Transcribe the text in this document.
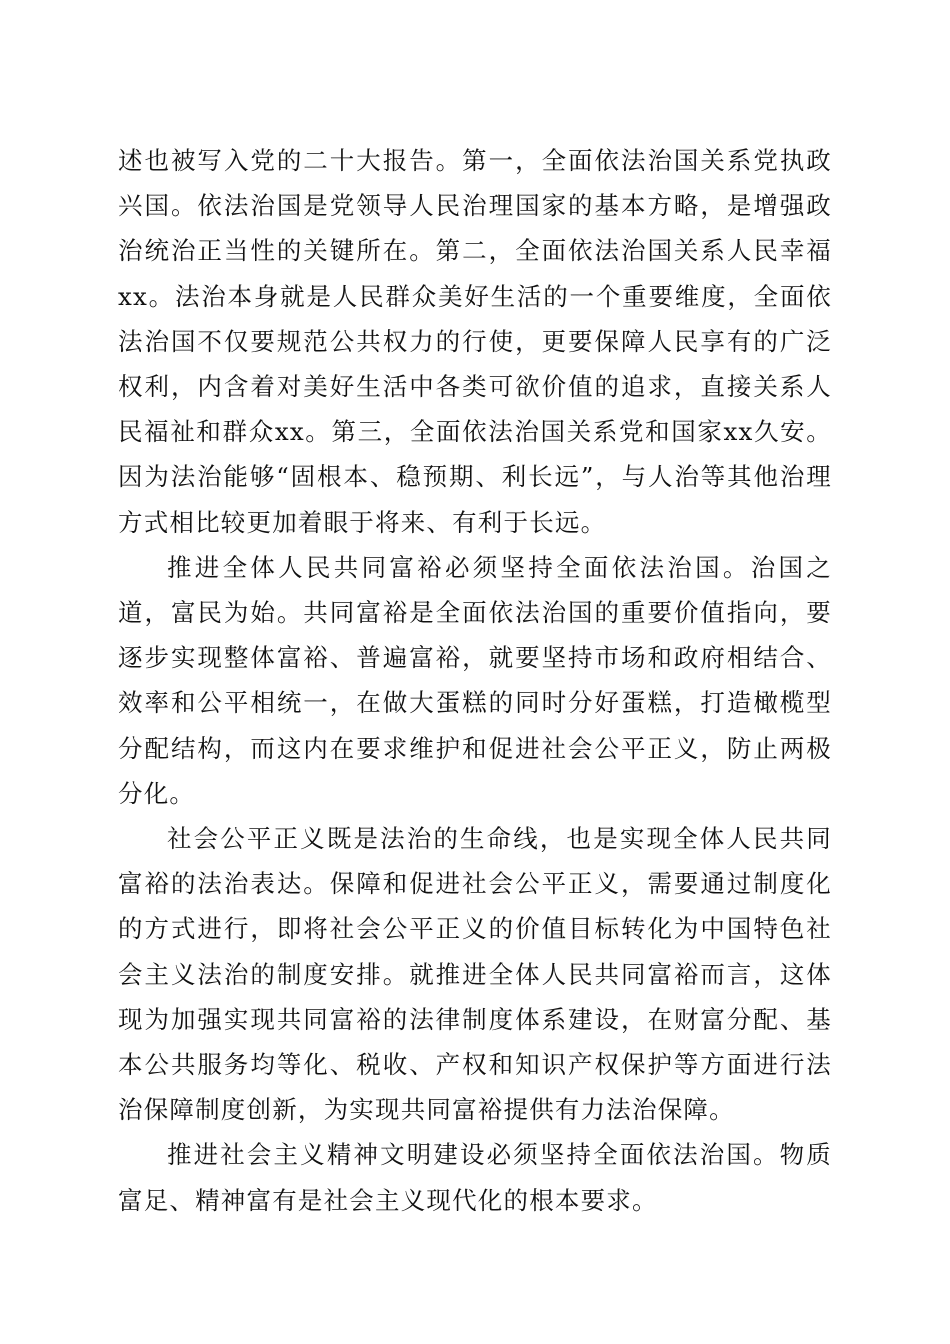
述也被写入党的二十大报告。第一，全面依法治国关系党执政兴国。依法治国是党领导人民治理国家的基本方略，是增强政治统治正当性的关键所在。第二，全面依法治国关系人民幸福xx。法治本身就是人民群众美好生活的一个重要维度，全面依法治国不仅要规范公共权力的行使，更要保障人民享有的广泛权利，内含着对美好生活中各类可欲价值的追求，直接关系人民福祉和群众xx。第三，全面依法治国关系党和国家xx久安。因为法治能够“固根本、稳预期、利长远”，与人治等其他治理方式相比较更加着眼于将来、有利于长远。

推进全体人民共同富裕必须坚持全面依法治国。治国之道，富民为始。共同富裕是全面依法治国的重要价值指向，要逐步实现整体富裕、普遍富裕，就要坚持市场和政府相结合、效率和公平相统一，在做大蛋糕的同时分好蛋糕，打造橄榄型分配结构，而这内在要求维护和促进社会公平正义，防止两极分化。

社会公平正义既是法治的生命线，也是实现全体人民共同富裕的法治表达。保障和促进社会公平正义，需要通过制度化的方式进行，即将社会公平正义的价值目标转化为中国特色社会主义法治的制度安排。就推进全体人民共同富裕而言，这体现为加强实现共同富裕的法律制度体系建设，在财富分配、基本公共服务均等化、税收、产权和知识产权保护等方面进行法治保障制度创新，为实现共同富裕提供有力法治保障。

推进社会主义精神文明建设必须坚持全面依法治国。物质富足、精神富有是社会主义现代化的根本要求。
